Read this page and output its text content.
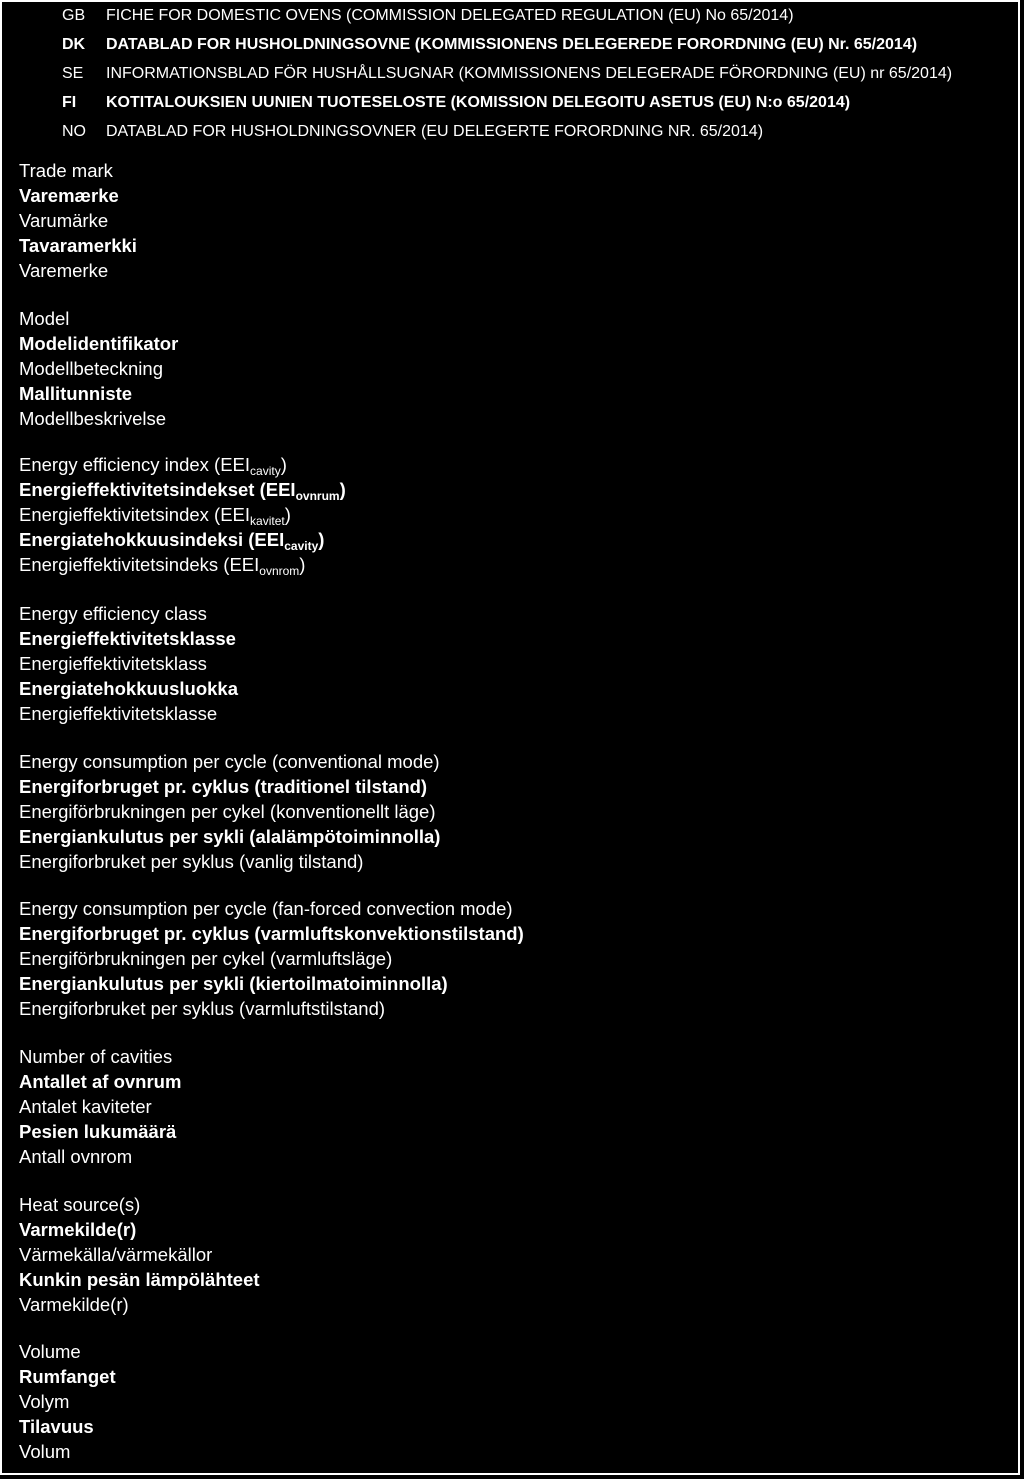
GB	FICHE FOR DOMESTIC OVENS (COMMISSION DELEGATED REGULATION (EU) No 65/2014)
DK	DATABLAD FOR HUSHOLDNINGSOVNE (KOMMISSIONENS DELEGEREDE FORORDNING (EU) Nr. 65/2014)
SE	INFORMATIONSBLAD FÖR HUSHÅLLSUGNAR (KOMMISSIONENS DELEGERADE FÖRORDNING (EU) nr 65/2014)
FI	KOTITALOUKSIEN UUNIEN TUOTESELOSTE (KOMISSION DELEGOITU ASETUS (EU) N:o 65/2014)
NO	DATABLAD FOR HUSHOLDNINGSOVNER (EU DELEGERTE FORORDNING NR. 65/2014)
Trade mark
Varemærke
Varumärke
Tavaramerkki
Varemerke
Model
Modelidentifikator
Modellbeteckning
Mallitunniste
Modellbeskrivelse
Energy efficiency index $(EEI_{cavity})$
Energieffektivitetsindekset $(EEI_{ovnrum})$
Energieffektivitetsindex $(EEI_{kavitet})$
Energiatehokkuusindeksi $(EEI_{cavity})$
Energieffektivitetsindeks $(EEI_{ovnrom})$
Energy efficiency class
Energieffektivitetsklasse
Energieffektivitetsklass
Energiatehokkuusluokka
Energieffektivitetsklasse
Energy consumption per cycle (conventional mode)
Energiforbruget pr. cyklus (traditionel tilstand)
Energiförbrukningen per cykel (konventionellt läge)
Energiankulutus per sykli (alalämpötoiminnolla)
Energiforbruket per syklus (vanlig tilstand)
Energy consumption per cycle (fan-forced convection mode)
Energiforbruget pr. cyklus (varmluftskonvektionstilstand)
Energiförbrukningen per cykel (varmluftsläge)
Energiankulutus per sykli (kiertoilmatoiminnolla)
Energiforbruket per syklus (varmluftstilstand)
Number of cavities
Antallet af ovnrum
Antalet kaviteter
Pesien lukumäärä
Antall ovnrom
Heat source(s)
Varmekilde(r)
Värmekälla/värmekällor
Kunkin pesän lämpölähteet
Varmekilde(r)
Volume
Rumfanget
Volym
Tilavuus
Volum
